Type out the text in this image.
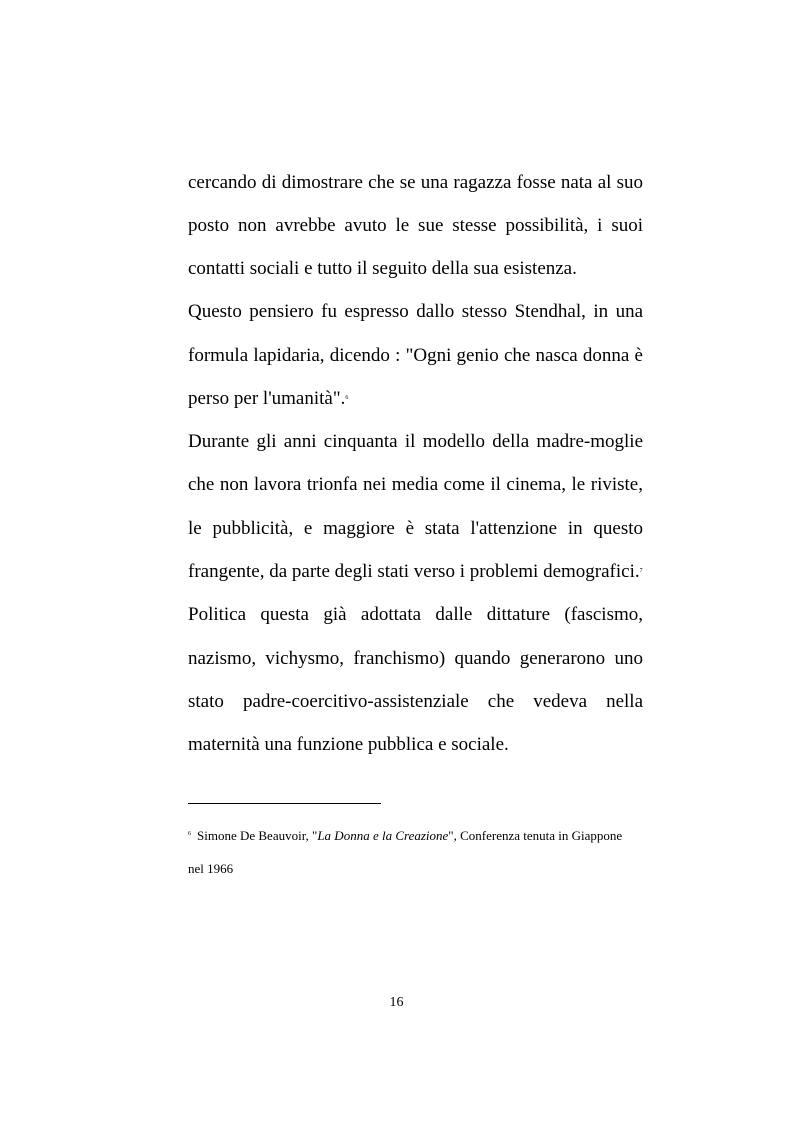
cercando di dimostrare che se una ragazza fosse nata al suo
posto non avrebbe avuto le sue stesse possibilità, i suoi
contatti sociali e tutto il seguito della sua esistenza.
Questo pensiero fu espresso dallo stesso Stendhal, in una
formula lapidaria, dicendo : "Ogni genio che nasca donna è
perso per l'umanità".$^6$
Durante gli anni cinquanta il modello della madre-moglie
che non lavora trionfa nei media come il cinema, le riviste,
le pubblicità, e maggiore è stata l'attenzione in questo
frangente, da parte degli stati verso i problemi demografici.$^7$
Politica questa già adottata dalle dittature (fascismo,
nazismo, vichysmo, franchismo) quando generarono uno
stato padre-coercitivo-assistenziale che vedeva nella
maternità una funzione pubblica e sociale.
$^6$ Simone De Beauvoir, "La Donna e la Creazione", Conferenza tenuta in Giappone
nel 1966
16
